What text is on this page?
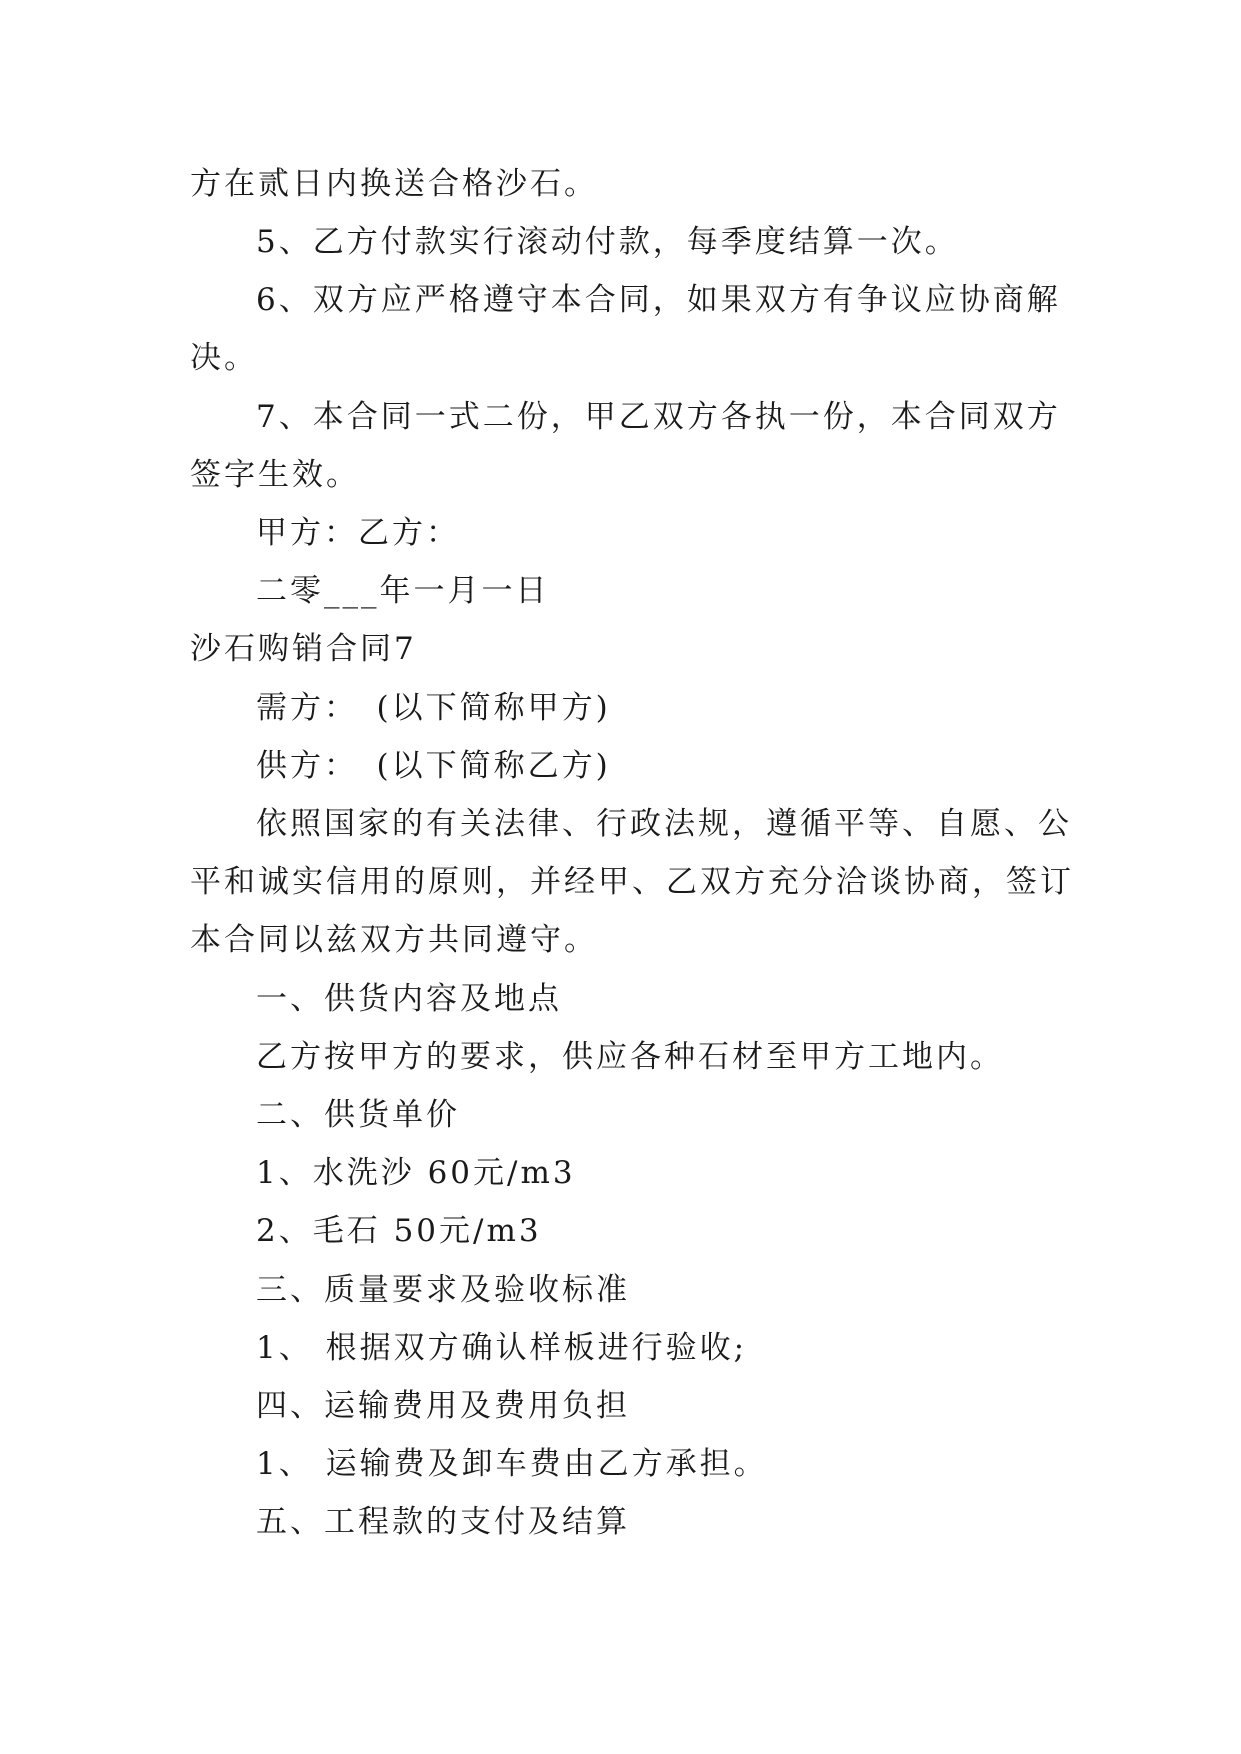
方在贰日内换送合格沙石。
5、乙方付款实行滚动付款，每季度结算一次。
6、双方应严格遵守本合同，如果双方有争议应协商解
决。
7、本合同一式二份，甲乙双方各执一份，本合同双方
签字生效。
甲方：乙方：
二零___年一月一日
沙石购销合同7
需方：　(以下简称甲方)
供方：　(以下简称乙方)
依照国家的有关法律、行政法规，遵循平等、自愿、公
平和诚实信用的原则，并经甲、乙双方充分洽谈协商，签订
本合同以兹双方共同遵守。
一、供货内容及地点
乙方按甲方的要求，供应各种石材至甲方工地内。
二、供货单价
1、水洗沙 60元/m3
2、毛石 50元/m3
三、质量要求及验收标准
1、 根据双方确认样板进行验收;
四、运输费用及费用负担
1、 运输费及卸车费由乙方承担。
五、工程款的支付及结算
